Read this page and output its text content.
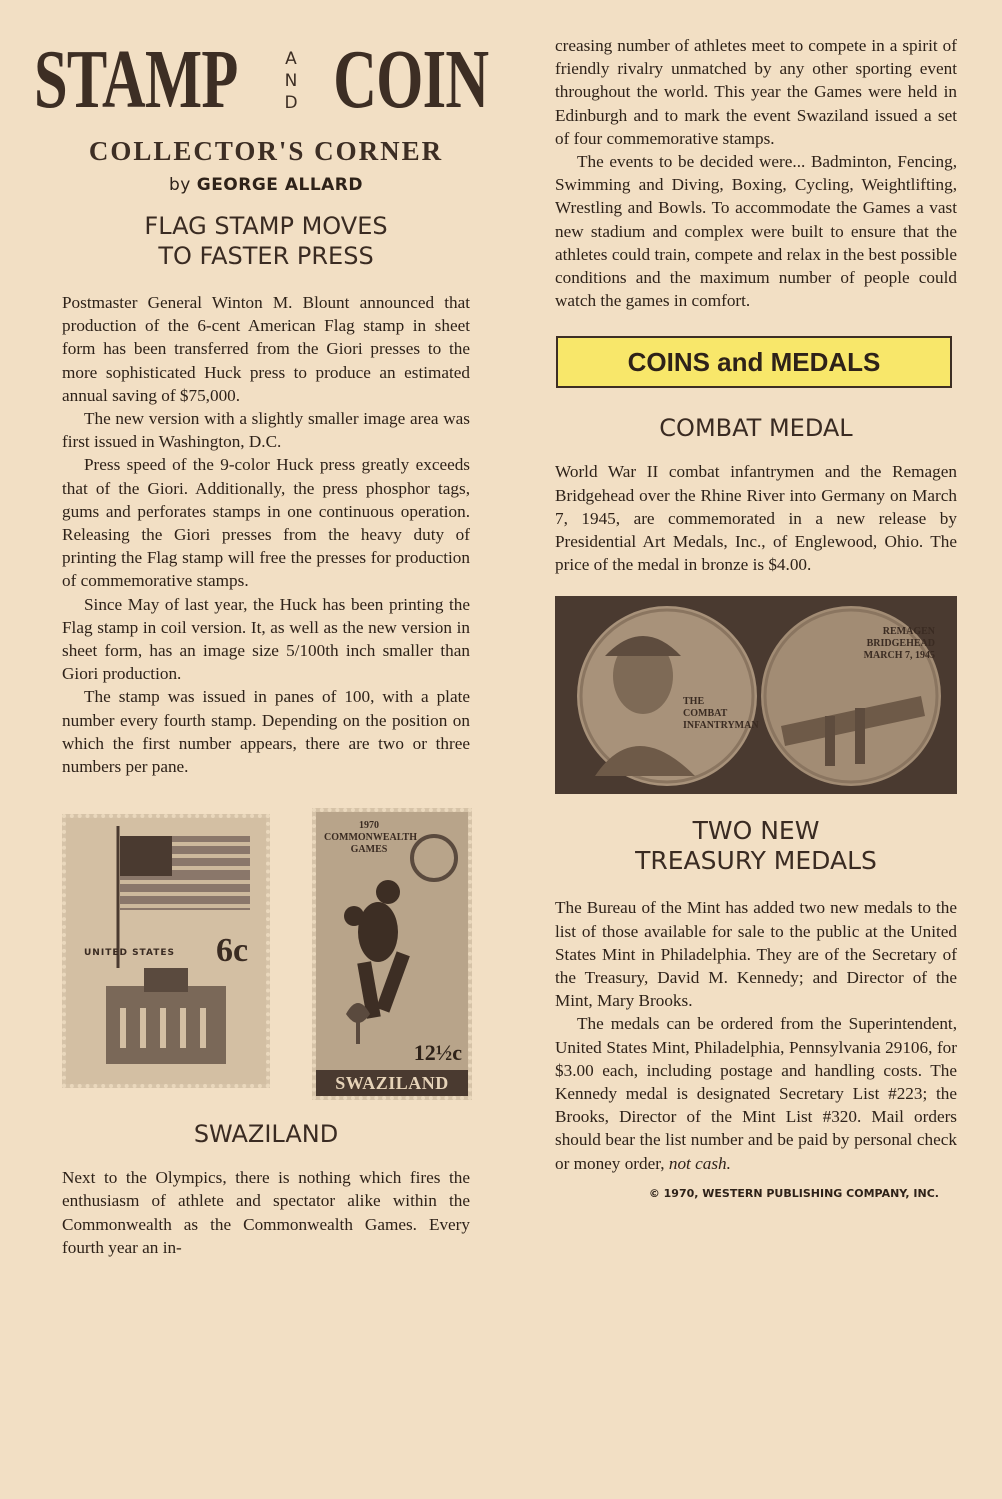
STAMP	A
N
D COIN
COLLECTOR'S CORNER
by GEORGE ALLARD
FLAG STAMP MOVES
TO FASTER PRESS

Postmaster General Winton M. Blount announced that production of the 6-cent American Flag stamp in sheet form has been transferred from the Giori presses to the more sophisticated Huck press to produce an estimated annual saving of $75,000.

The new version with a slightly smaller image area was first issued in Washington, D.C.

Press speed of the 9-color Huck press greatly exceeds that of the Giori. Additionally, the press phosphor tags, gums and perforates stamps in one continuous operation. Releasing the Giori presses from the heavy duty of printing the Flag stamp will free the presses for production of commemorative stamps.

Since May of last year, the Huck has been printing the Flag stamp in coil version. It, as well as the new version in sheet form, has an image size 5/100th inch smaller than Giori production.

The stamp was issued in panes of 100, with a plate number every fourth stamp. Depending on the position on which the first number appears, there are two or three numbers per pane.

UNITED STATES 6c
1970 COMMONWEALTH GAMES
12½c
SWAZILAND
SWAZILAND

Next to the Olympics, there is nothing which fires the enthusiasm of athlete and spectator alike within the Commonwealth as the Commonwealth Games. Every fourth year an in-

creasing number of athletes meet to compete in a spirit of friendly rivalry unmatched by any other sporting event throughout the world. This year the Games were held in Edinburgh and to mark the event Swaziland issued a set of four commemorative stamps.

The events to be decided were... Badminton, Fencing, Swimming and Diving, Boxing, Cycling, Weightlifting, Wrestling and Bowls. To accommodate the Games a vast new stadium and complex were built to ensure that the athletes could train, compete and relax in the best possible conditions and the maximum number of people could watch the games in comfort.

COINS and MEDALS
COMBAT MEDAL

World War II combat infantrymen and the Remagen Bridgehead over the Rhine River into Germany on March 7, 1945, are commemorated in a new release by Presidential Art Medals, Inc., of Englewood, Ohio. The price of the medal in bronze is $4.00.

THE COMBAT INFANTRYMAN
REMAGEN BRIDGEHEAD MARCH 7, 1945
TWO NEW
TREASURY MEDALS

The Bureau of the Mint has added two new medals to the list of those available for sale to the public at the United States Mint in Philadelphia. They are of the Secretary of the Treasury, David M. Kennedy; and Director of the Mint, Mary Brooks.

The medals can be ordered from the Superintendent, United States Mint, Philadelphia, Pennsylvania 29106, for $3.00 each, including postage and handling costs. The Kennedy medal is designated Secretary List #223; the Brooks, Director of the Mint List #320. Mail orders should bear the list number and be paid by personal check or money order, not cash.

© 1970, WESTERN PUBLISHING COMPANY, INC.
